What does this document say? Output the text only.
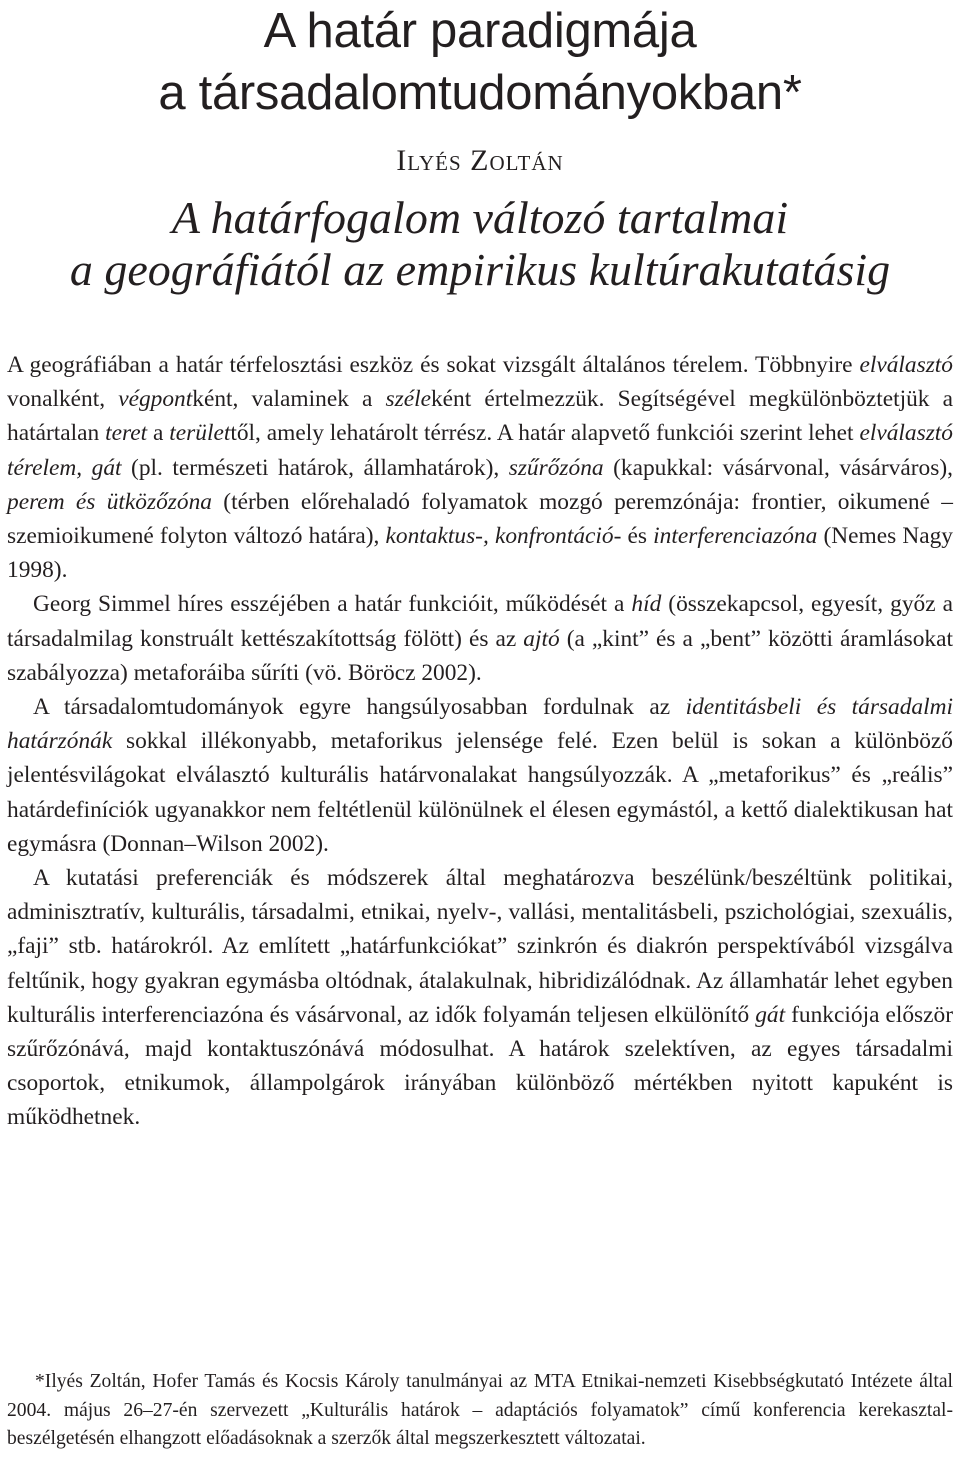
A határ paradigmája
a társadalomtudományokban*
Ilyés Zoltán
A határfogalom változó tartalmai
a geográfiától az empirikus kultúrakutatásig

A geográfiában a határ térfelosztási eszköz és sokat vizsgált általános térelem. Többnyire elválasztó vonalként, végpontként, valaminek a széleként értelmezzük. Segítségével megkülönböztetjük a határtalan teret a területtől, amely lehatárolt térrész. A határ alapvető funkciói szerint lehet elválasztó térelem, gát (pl. természeti határok, államhatárok), szűrőzóna (kapukkal: vásárvonal, vásárváros), perem és ütközőzóna (térben előrehaladó folyamatok mozgó peremzónája: frontier, oikumené – szemioikumené folyton változó határa), kontaktus-, konfrontáció- és interferenciazóna (Nemes Nagy 1998).

Georg Simmel híres esszéjében a határ funkcióit, működését a híd (összekapcsol, egyesít, győz a társadalmilag konstruált kettészakítottság fölött) és az ajtó (a „kint” és a „bent” közötti áramlásokat szabályozza) metaforáiba sűríti (vö. Böröcz 2002).

A társadalomtudományok egyre hangsúlyosabban fordulnak az identitásbeli és társadalmi határzónák sokkal illékonyabb, metaforikus jelensége felé. Ezen belül is sokan a különböző jelentésvilágokat elválasztó kulturális határvonalakat hangsúlyozzák. A „metaforikus” és „reális” határdefiníciók ugyanakkor nem feltétlenül különülnek el élesen egymástól, a kettő dialektikusan hat egymásra (Donnan–Wilson 2002).

A kutatási preferenciák és módszerek által meghatározva beszélünk/beszéltünk politikai, adminisztratív, kulturális, társadalmi, etnikai, nyelv-, vallási, mentalitásbeli, pszichológiai, szexuális, „faji” stb. határokról. Az említett „határfunkciókat” szinkrón és diakrón perspektívából vizsgálva feltűnik, hogy gyakran egymásba oltódnak, átalakulnak, hibridizálódnak. Az államhatár lehet egyben kulturális interferenciazóna és vásárvonal, az idők folyamán teljesen elkülönítő gát funkciója először szűrőzónává, majd kontaktuszónává módosulhat. A határok szelektíven, az egyes társadalmi csoportok, etnikumok, állampolgárok irányában különböző mértékben nyitott kapuként is működhetnek.

*Ilyés Zoltán, Hofer Tamás és Kocsis Károly tanulmányai az MTA Etnikai-nemzeti Kisebbségkutató Intézete által 2004. május 26–27-én szervezett „Kulturális határok – adaptációs folyamatok” című konferencia kerekasztal-beszélgetésén elhangzott előadásoknak a szerzők által megszerkesztett változatai.
